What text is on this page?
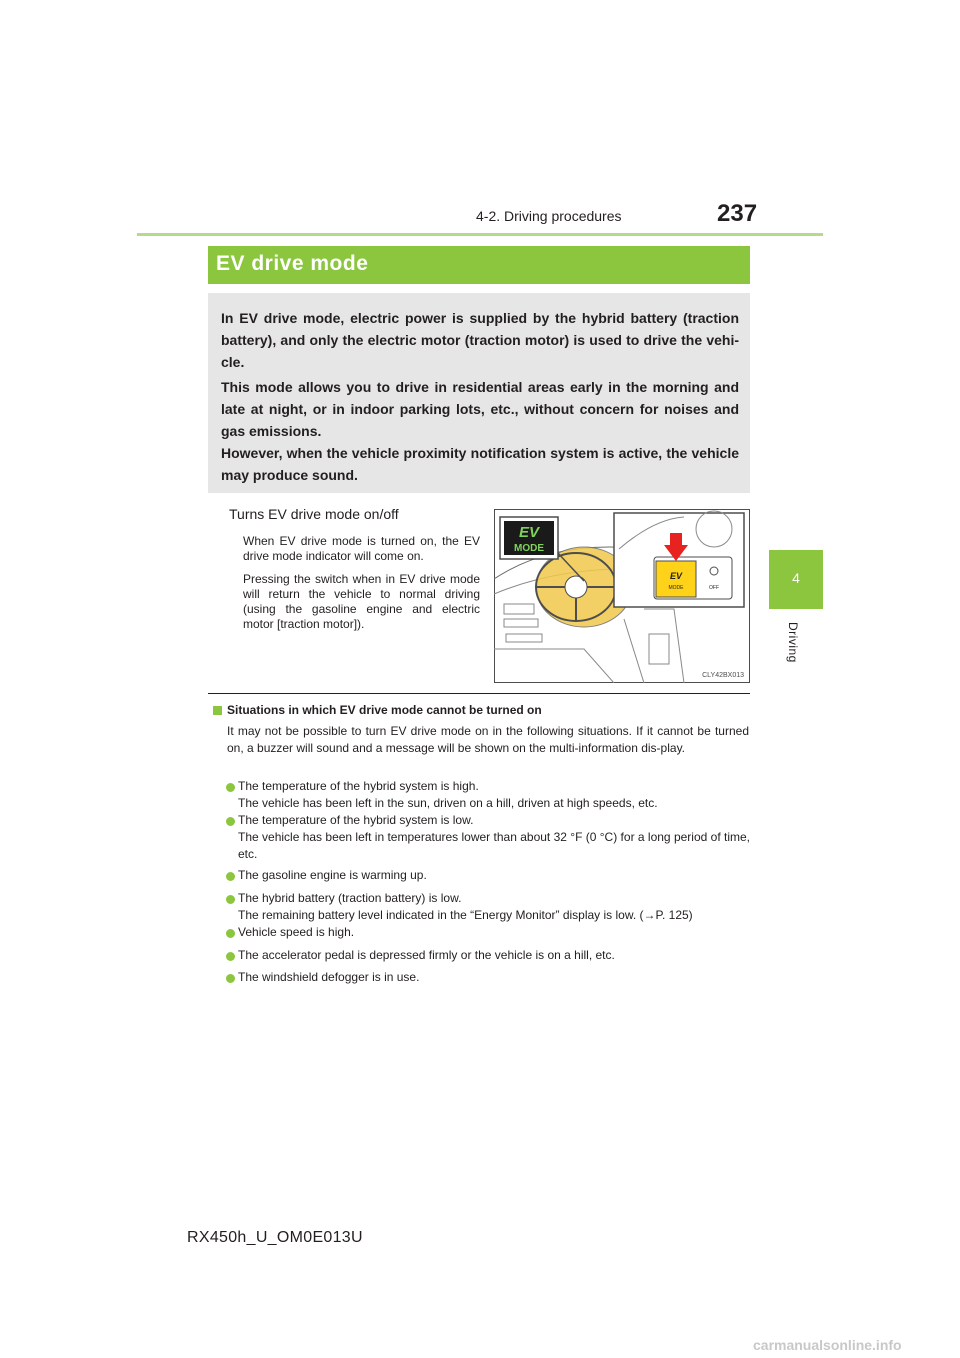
4-2. Driving procedures	237
4
Driving
EV drive mode

In EV drive mode, electric power is supplied by the hybrid battery (traction battery), and only the electric motor (traction motor) is used to drive the vehi-cle.

This mode allows you to drive in residential areas early in the morning and late at night, or in indoor parking lots, etc., without concern for noises and gas emissions.

However, when the vehicle proximity notification system is active, the vehicle may produce sound.

Turns EV drive mode on/off

When EV drive mode is turned on, the EV drive mode indicator will come on.

Pressing the switch when in EV drive mode will return the vehicle to normal driving (using the gasoline engine and electric motor [traction motor]).

EV
MODE
EV
MODE	OFF
CLY42BX013
Situations in which EV drive mode cannot be turned on

It may not be possible to turn EV drive mode on in the following situations. If it cannot be turned on, a buzzer will sound and a message will be shown on the multi-information dis-play.

The temperature of the hybrid system is high.
The vehicle has been left in the sun, driven on a hill, driven at high speeds, etc.

The temperature of the hybrid system is low.
The vehicle has been left in temperatures lower than about 32 °F (0 °C) for a long period of time, etc.

The gasoline engine is warming up.

The hybrid battery (traction battery) is low.
The remaining battery level indicated in the “Energy Monitor” display is low. (→P. 125)

Vehicle speed is high.

The accelerator pedal is depressed firmly or the vehicle is on a hill, etc.

The windshield defogger is in use.

RX450h_U_OM0E013U
carmanualsonline.info
